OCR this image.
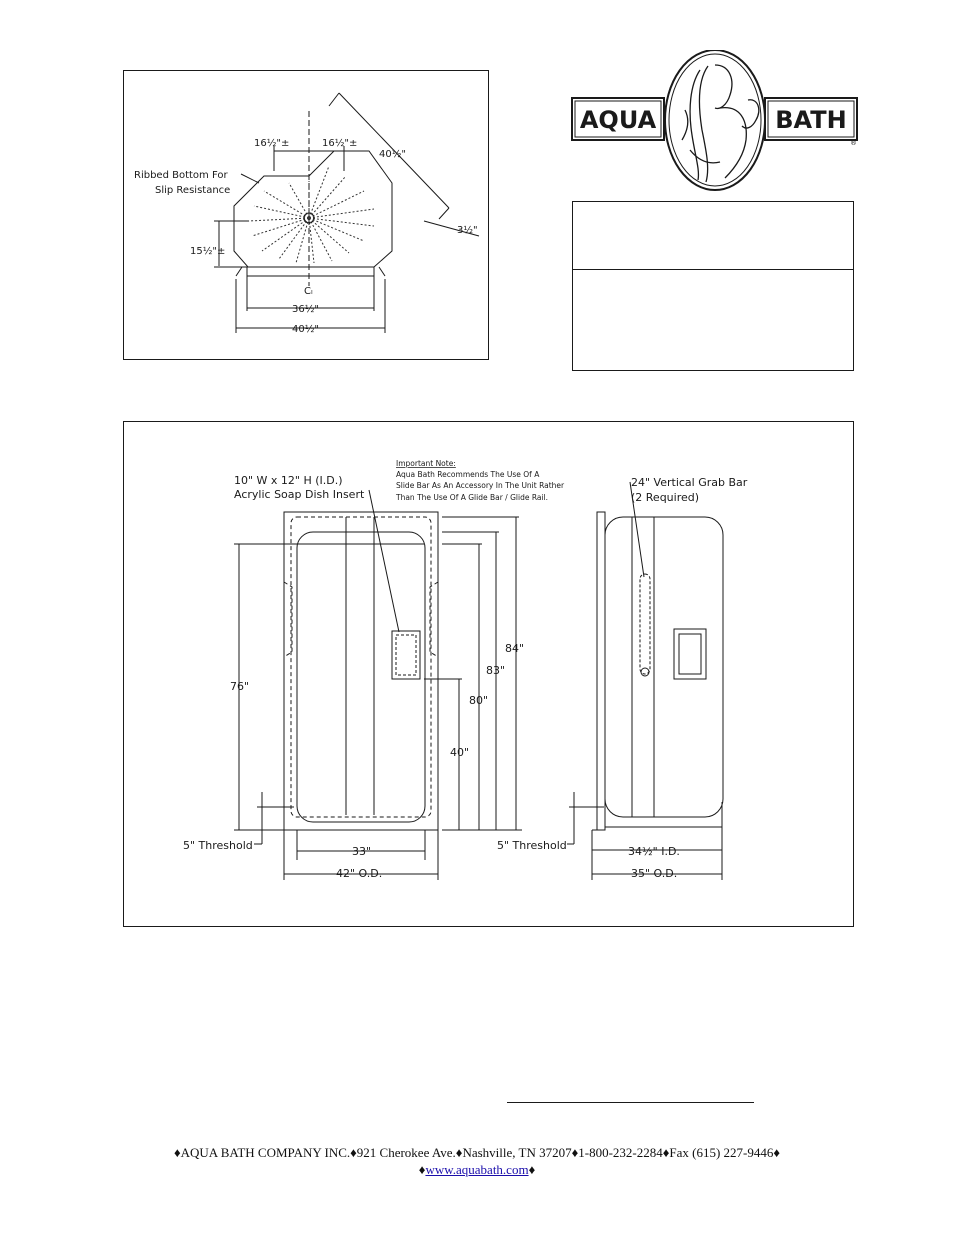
16½"±	16½"±
40½"
Ribbed Bottom For
Slip Resistance
3½"
15½"±
Cₗ
36½"
40½"
AQUA	BATH
®
10" W x 12" H (I.D.)
Acrylic Soap Dish Insert
Important Note:
Aqua Bath Recommends The Use Of A
Slide Bar As An Accessory In The Unit Rather
Than The Use Of A Glide Bar / Glide Rail.
24" Vertical Grab Bar
(2 Required)
76"
84"
83"
80"
40"
5" Threshold	5" Threshold
33"
42" O.D.
34½" I.D.
35" O.D.
♦AQUA BATH COMPANY INC.♦921 Cherokee Ave.♦Nashville, TN 37207♦1-800-232-2284♦Fax (615) 227-9446♦
♦www.aquabath.com♦
